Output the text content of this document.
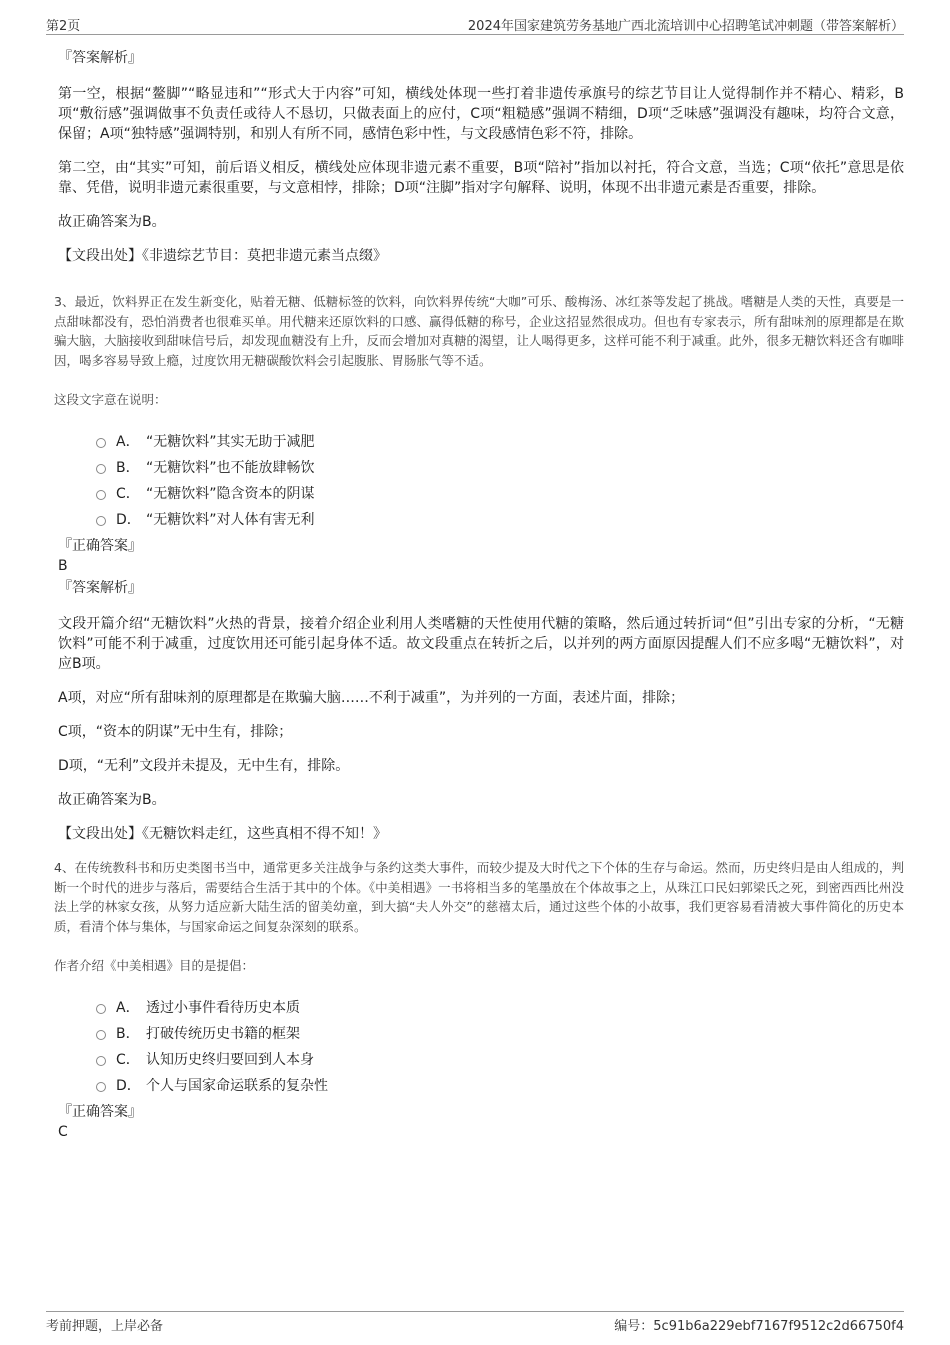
第2页	2024年国家建筑劳务基地广西北流培训中心招聘笔试冲刺题（带答案解析）
『答案解析』

第一空，根据“鳌脚”“略显违和”“形式大于内容”可知，横线处体现一些打着非遗传承旗号的综艺节目让人觉得制作并不精心、精彩，B项“敷衍感”强调做事不负责任或待人不恳切，只做表面上的应付，C项“粗糙感”强调不精细，D项“乏味感”强调没有趣味，均符合文意，保留；A项“独特感”强调特别，和别人有所不同，感情色彩中性，与文段感情色彩不符，排除。

第二空，由“其实”可知，前后语义相反，横线处应体现非遗元素不重要，B项“陪衬”指加以衬托，符合文意，当选；C项“依托”意思是依靠、凭借，说明非遗元素很重要，与文意相悖，排除；D项“注脚”指对字句解释、说明，体现不出非遗元素是否重要，排除。

故正确答案为B。

【文段出处】《非遗综艺节目：莫把非遗元素当点缀》

3、最近，饮料界正在发生新变化，贴着无糖、低糖标签的饮料，向饮料界传统“大咖”可乐、酸梅汤、冰红茶等发起了挑战。嗜糖是人类的天性，真要是一点甜味都没有，恐怕消费者也很难买单。用代糖来还原饮料的口感、赢得低糖的称号，企业这招显然很成功。但也有专家表示，所有甜味剂的原理都是在欺骗大脑，大脑接收到甜味信号后，却发现血糖没有上升，反而会增加对真糖的渴望，让人喝得更多，这样可能不利于减重。此外，很多无糖饮料还含有咖啡因，喝多容易导致上瘾，过度饮用无糖碳酸饮料会引起腹胀、胃肠胀气等不适。

这段文字意在说明：
A． “无糖饮料”其实无助于减肥
B． “无糖饮料”也不能放肆畅饮
C． “无糖饮料”隐含资本的阴谋
D． “无糖饮料”对人体有害无利
『正确答案』
B
『答案解析』

文段开篇介绍“无糖饮料”火热的背景，接着介绍企业利用人类嗜糖的天性使用代糖的策略，然后通过转折词“但”引出专家的分析，“无糖饮料”可能不利于减重，过度饮用还可能引起身体不适。故文段重点在转折之后，以并列的两方面原因提醒人们不应多喝“无糖饮料”，对应B项。

A项，对应“所有甜味剂的原理都是在欺骗大脑……不利于减重”，为并列的一方面，表述片面，排除；

C项，“资本的阴谋”无中生有，排除；

D项，“无利”文段并未提及，无中生有，排除。

故正确答案为B。

【文段出处】《无糖饮料走红，这些真相不得不知！》

4、在传统教科书和历史类图书当中，通常更多关注战争与条约这类大事件，而较少提及大时代之下个体的生存与命运。然而，历史终归是由人组成的，判断一个时代的进步与落后，需要结合生活于其中的个体。《中美相遇》一书将相当多的笔墨放在个体故事之上，从珠江口民妇郭梁氏之死，到密西西比州没法上学的林家女孩，从努力适应新大陆生活的留美幼童，到大搞“夫人外交”的慈禧太后，通过这些个体的小故事，我们更容易看清被大事件简化的历史本质，看清个体与集体，与国家命运之间复杂深刻的联系。

作者介绍《中美相遇》目的是提倡：
A． 透过小事件看待历史本质
B． 打破传统历史书籍的框架
C． 认知历史终归要回到人本身
D． 个人与国家命运联系的复杂性
『正确答案』
C
考前押题，上岸必备	编号：5c91b6a229ebf7167f9512c2d66750f4
